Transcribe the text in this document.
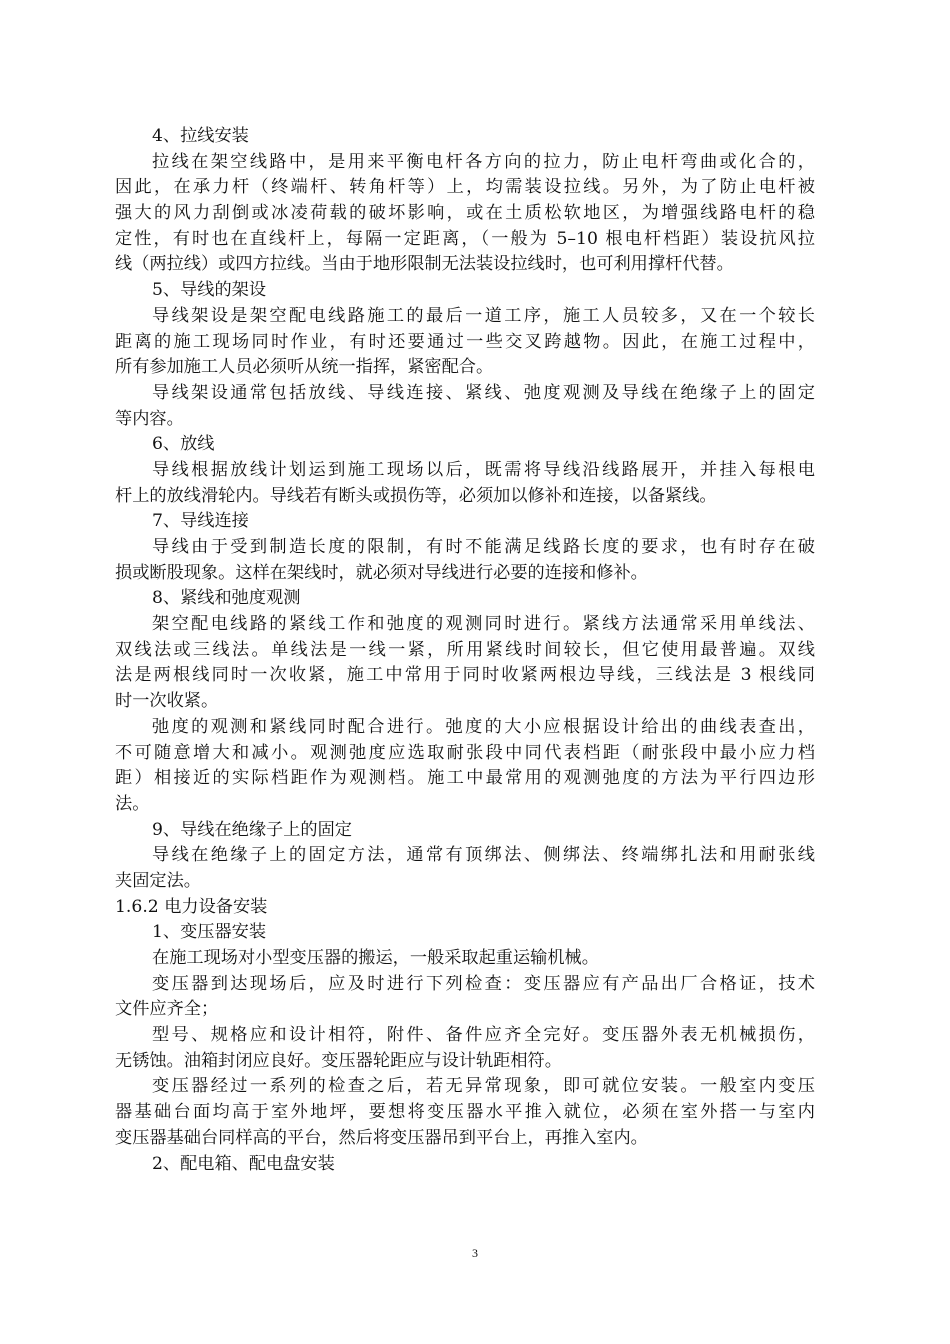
4、拉线安装
拉线在架空线路中，是用来平衡电杆各方向的拉力，防止电杆弯曲或化合的，
因此，在承力杆（终端杆、转角杆等）上，均需装设拉线。另外，为了防止电杆被
强大的风力刮倒或冰凌荷载的破坏影响，或在土质松软地区，为增强线路电杆的稳
定性，有时也在直线杆上，每隔一定距离，（一般为 5–10 根电杆档距）装设抗风拉
线（两拉线）或四方拉线。当由于地形限制无法装设拉线时，也可利用撑杆代替。
5、导线的架设
导线架设是架空配电线路施工的最后一道工序，施工人员较多，又在一个较长
距离的施工现场同时作业，有时还要通过一些交叉跨越物。因此，在施工过程中，
所有参加施工人员必须听从统一指挥，紧密配合。
导线架设通常包括放线、导线连接、紧线、弛度观测及导线在绝缘子上的固定
等内容。
6、放线
导线根据放线计划运到施工现场以后，既需将导线沿线路展开，并挂入每根电
杆上的放线滑轮内。导线若有断头或损伤等，必须加以修补和连接，以备紧线。
7、导线连接
导线由于受到制造长度的限制，有时不能满足线路长度的要求，也有时存在破
损或断股现象。这样在架线时，就必须对导线进行必要的连接和修补。
8、紧线和弛度观测
架空配电线路的紧线工作和弛度的观测同时进行。紧线方法通常采用单线法、
双线法或三线法。单线法是一线一紧，所用紧线时间较长，但它使用最普遍。双线
法是两根线同时一次收紧，施工中常用于同时收紧两根边导线，三线法是 3 根线同
时一次收紧。
弛度的观测和紧线同时配合进行。弛度的大小应根据设计给出的曲线表查出，
不可随意增大和减小。观测弛度应选取耐张段中同代表档距（耐张段中最小应力档
距）相接近的实际档距作为观测档。施工中最常用的观测弛度的方法为平行四边形
法。
9、导线在绝缘子上的固定
导线在绝缘子上的固定方法，通常有顶绑法、侧绑法、终端绑扎法和用耐张线
夹固定法。
1.6.2 电力设备安装
1、变压器安装
在施工现场对小型变压器的搬运，一般采取起重运输机械。
变压器到达现场后，应及时进行下列检查：变压器应有产品出厂合格证，技术
文件应齐全；
型号、规格应和设计相符，附件、备件应齐全完好。变压器外表无机械损伤，
无锈蚀。油箱封闭应良好。变压器轮距应与设计轨距相符。
变压器经过一系列的检查之后，若无异常现象，即可就位安装。一般室内变压
器基础台面均高于室外地坪，要想将变压器水平推入就位，必须在室外搭一与室内
变压器基础台同样高的平台，然后将变压器吊到平台上，再推入室内。
2、配电箱、配电盘安装
3
